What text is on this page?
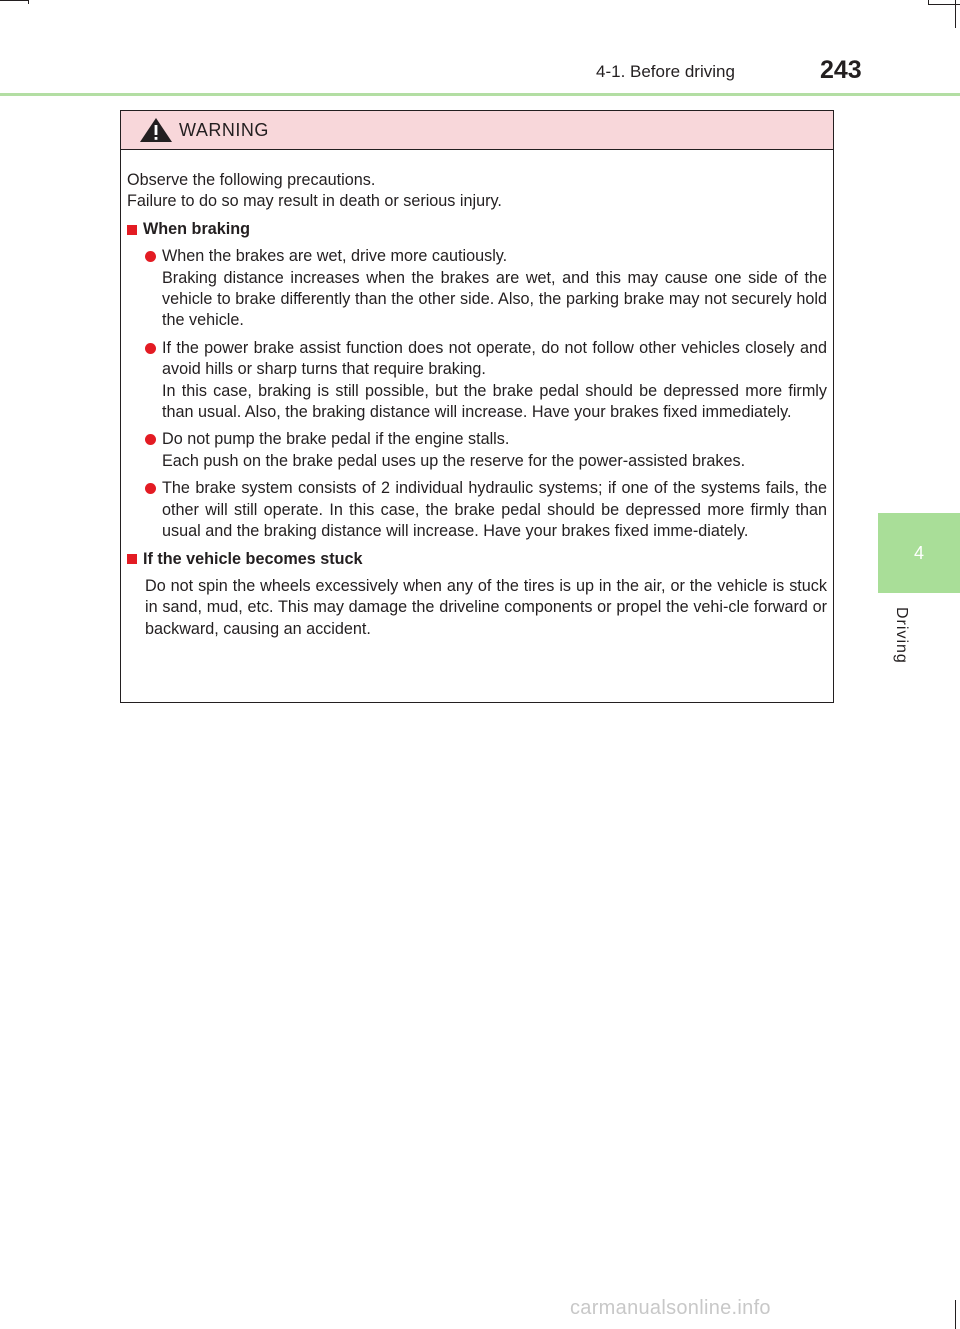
4-1. Before driving	243
4
Driving
WARNING

Observe the following precautions.

Failure to do so may result in death or serious injury.

When braking
When the brakes are wet, drive more cautiously.
Braking distance increases when the brakes are wet, and this may cause one side of the vehicle to brake differently than the other side. Also, the parking brake may not securely hold the vehicle.
If the power brake assist function does not operate, do not follow other vehicles closely and avoid hills or sharp turns that require braking.
In this case, braking is still possible, but the brake pedal should be depressed more firmly than usual. Also, the braking distance will increase. Have your brakes fixed immediately.
Do not pump the brake pedal if the engine stalls.
Each push on the brake pedal uses up the reserve for the power-assisted brakes.
The brake system consists of 2 individual hydraulic systems; if one of the systems fails, the other will still operate. In this case, the brake pedal should be depressed more firmly than usual and the braking distance will increase. Have your brakes fixed imme-diately.
If the vehicle becomes stuck

Do not spin the wheels excessively when any of the tires is up in the air, or the vehicle is stuck in sand, mud, etc. This may damage the driveline components or propel the vehi-cle forward or backward, causing an accident.

carmanualsonline.info
